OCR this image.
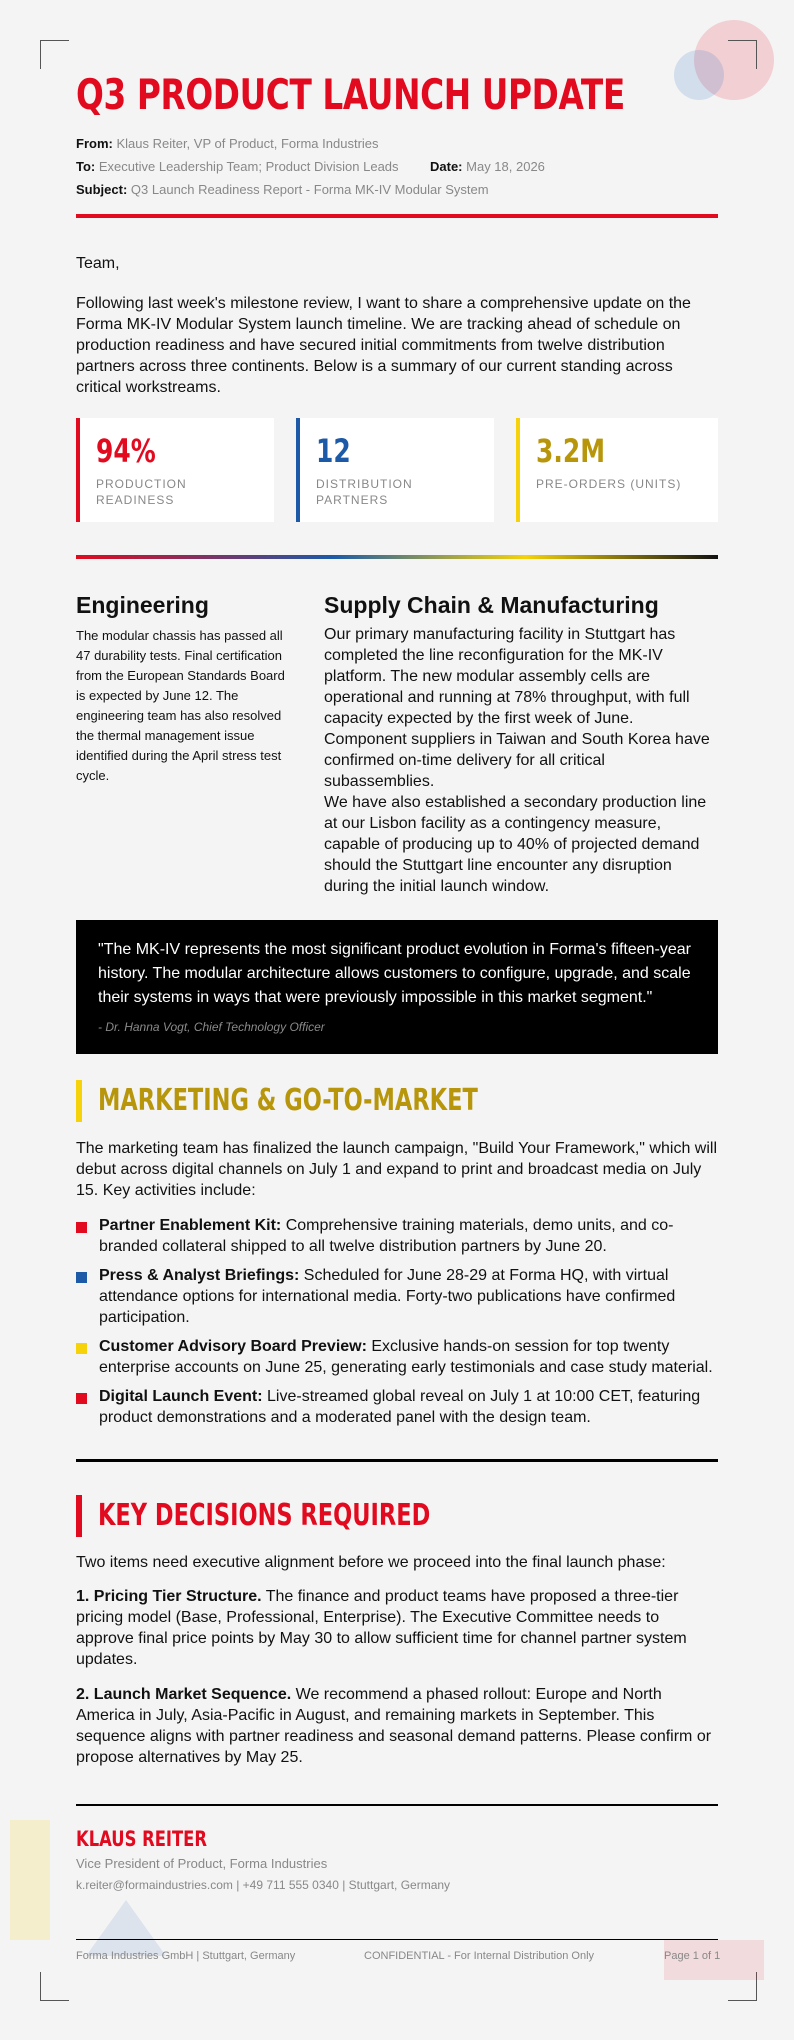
Q3 PRODUCT LAUNCH UPDATE
From: Klaus Reiter, VP of Product, Forma Industries
To: Executive Leadership Team; Product Division Leads Date: May 18, 2026
Subject: Q3 Launch Readiness Report - Forma MK-IV Modular System
Team,
Following last week's milestone review, I want to share a comprehensive update on the Forma MK-IV Modular System launch timeline. We are tracking ahead of schedule on production readiness and have secured initial commitments from twelve distribution partners across three continents. Below is a summary of our current standing across critical workstreams.
94%
PRODUCTION READINESS
12
DISTRIBUTION PARTNERS
3.2M
PRE-ORDERS (UNITS)
Engineering

The modular chassis has passed all 47 durability tests. Final certification from the European Standards Board is expected by June 12. The engineering team has also resolved the thermal management issue identified during the April stress test cycle.

Supply Chain & Manufacturing
Our primary manufacturing facility in Stuttgart has completed the line reconfiguration for the MK-IV platform. The new modular assembly cells are operational and running at 78% throughput, with full capacity expected by the first week of June. Component suppliers in Taiwan and South Korea have confirmed on-time delivery for all critical subassemblies.
We have also established a secondary production line at our Lisbon facility as a contingency measure, capable of producing up to 40% of projected demand should the Stuttgart line encounter any disruption during the initial launch window.
"The MK-IV represents the most significant product evolution in Forma's fifteen-year history. The modular architecture allows customers to configure, upgrade, and scale their systems in ways that were previously impossible in this market segment."
- Dr. Hanna Vogt, Chief Technology Officer
MARKETING & GO-TO-MARKET
The marketing team has finalized the launch campaign, "Build Your Framework," which will debut across digital channels on July 1 and expand to print and broadcast media on July 15. Key activities include:
Partner Enablement Kit: Comprehensive training materials, demo units, and co-branded collateral shipped to all twelve distribution partners by June 20.
Press & Analyst Briefings: Scheduled for June 28-29 at Forma HQ, with virtual attendance options for international media. Forty-two publications have confirmed participation.
Customer Advisory Board Preview: Exclusive hands-on session for top twenty enterprise accounts on June 25, generating early testimonials and case study material.
Digital Launch Event: Live-streamed global reveal on July 1 at 10:00 CET, featuring product demonstrations and a moderated panel with the design team.
KEY DECISIONS REQUIRED
Two items need executive alignment before we proceed into the final launch phase:
1. Pricing Tier Structure. The finance and product teams have proposed a three-tier pricing model (Base, Professional, Enterprise). The Executive Committee needs to approve final price points by May 30 to allow sufficient time for channel partner system updates.
2. Launch Market Sequence. We recommend a phased rollout: Europe and North America in July, Asia-Pacific in August, and remaining markets in September. This sequence aligns with partner readiness and seasonal demand patterns. Please confirm or propose alternatives by May 25.
KLAUS REITER
Vice President of Product, Forma Industries
k.reiter@formaindustries.com | +49 711 555 0340 | Stuttgart, Germany
Forma Industries GmbH | Stuttgart, Germany	CONFIDENTIAL - For Internal Distribution Only	Page 1 of 1
